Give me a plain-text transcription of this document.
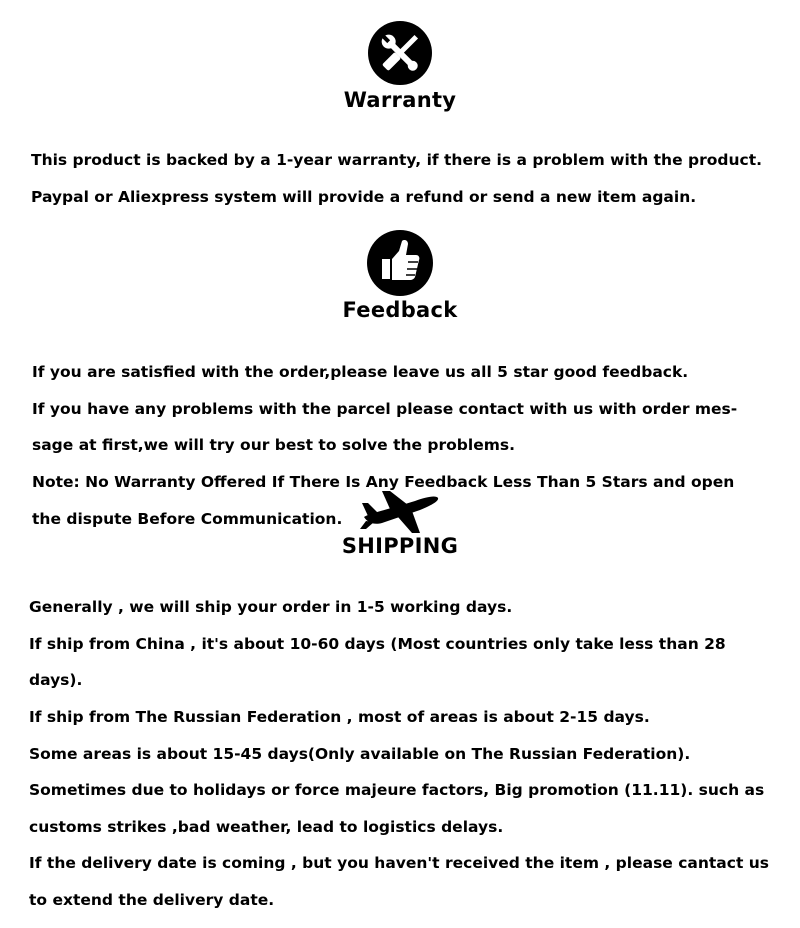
Warranty

This product is backed by a 1-year warranty, if there is a problem with the product.

Paypal or Aliexpress system will provide a refund or send a new item again.

Feedback

If you are satisfied with the order,please leave us all 5 star good feedback.

If you have any problems with the parcel please contact with us with order mes-

sage at first,we will try our best to solve the problems.

Note: No Warranty Offered If There Is Any Feedback Less Than 5 Stars and open

the dispute Before Communication.

SHIPPING

Generally , we will ship your order in 1-5 working days.

If ship from China , it's about 10-60 days (Most countries only take less than 28

days).

If ship from The Russian Federation , most of areas is about 2-15 days.

Some areas is about 15-45 days(Only available on The Russian Federation).

Sometimes due to holidays or force majeure factors, Big promotion (11.11). such as

customs strikes ,bad weather, lead to logistics delays.

If the delivery date is coming , but you haven't received the item , please cantact us

to extend the delivery date.
